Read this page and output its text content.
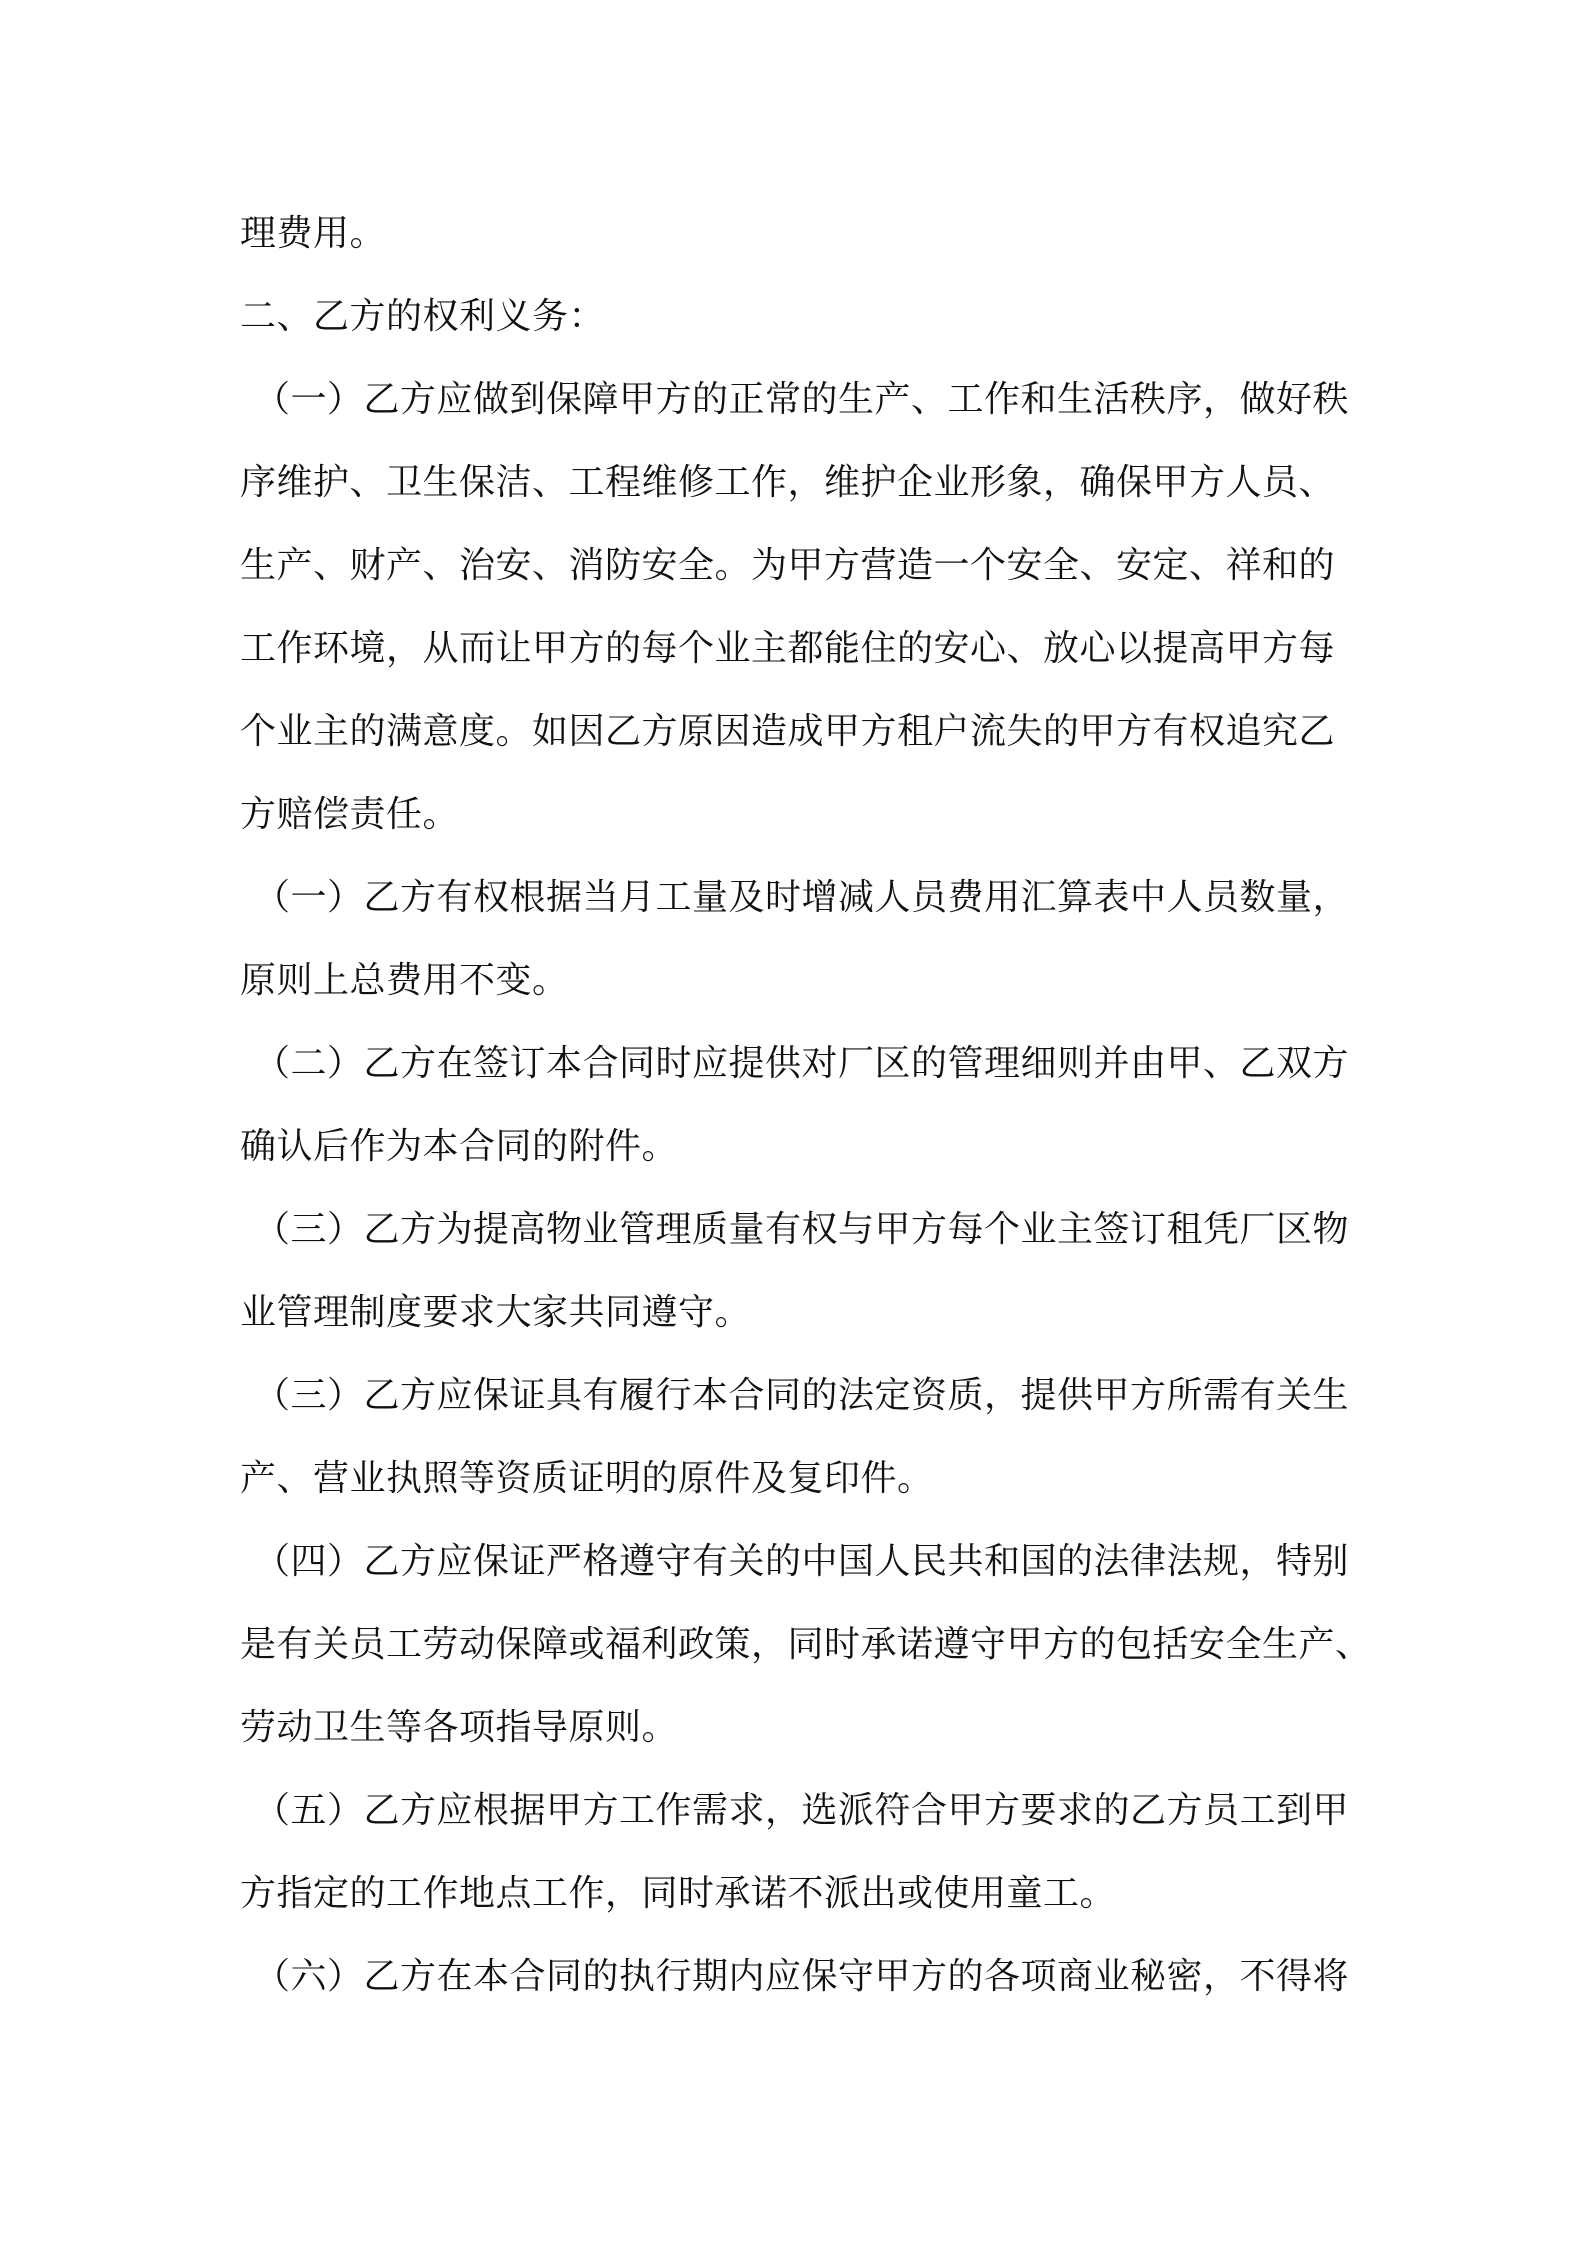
理费用。
二、乙方的权利义务：
（一）乙方应做到保障甲方的正常的生产、工作和生活秩序，做好秩
序维护、卫生保洁、工程维修工作，维护企业形象，确保甲方人员、
生产、财产、治安、消防安全。为甲方营造一个安全、安定、祥和的
工作环境，从而让甲方的每个业主都能住的安心、放心以提高甲方每
个业主的满意度。如因乙方原因造成甲方租户流失的甲方有权追究乙
方赔偿责任。
（一）乙方有权根据当月工量及时增减人员费用汇算表中人员数量，
原则上总费用不变。
（二）乙方在签订本合同时应提供对厂区的管理细则并由甲、乙双方
确认后作为本合同的附件。
（三）乙方为提高物业管理质量有权与甲方每个业主签订租凭厂区物
业管理制度要求大家共同遵守。
（三）乙方应保证具有履行本合同的法定资质，提供甲方所需有关生
产、营业执照等资质证明的原件及复印件。
（四）乙方应保证严格遵守有关的中国人民共和国的法律法规，特别
是有关员工劳动保障或福利政策，同时承诺遵守甲方的包括安全生产、
劳动卫生等各项指导原则。
（五）乙方应根据甲方工作需求，选派符合甲方要求的乙方员工到甲
方指定的工作地点工作，同时承诺不派出或使用童工。
（六）乙方在本合同的执行期内应保守甲方的各项商业秘密，不得将
